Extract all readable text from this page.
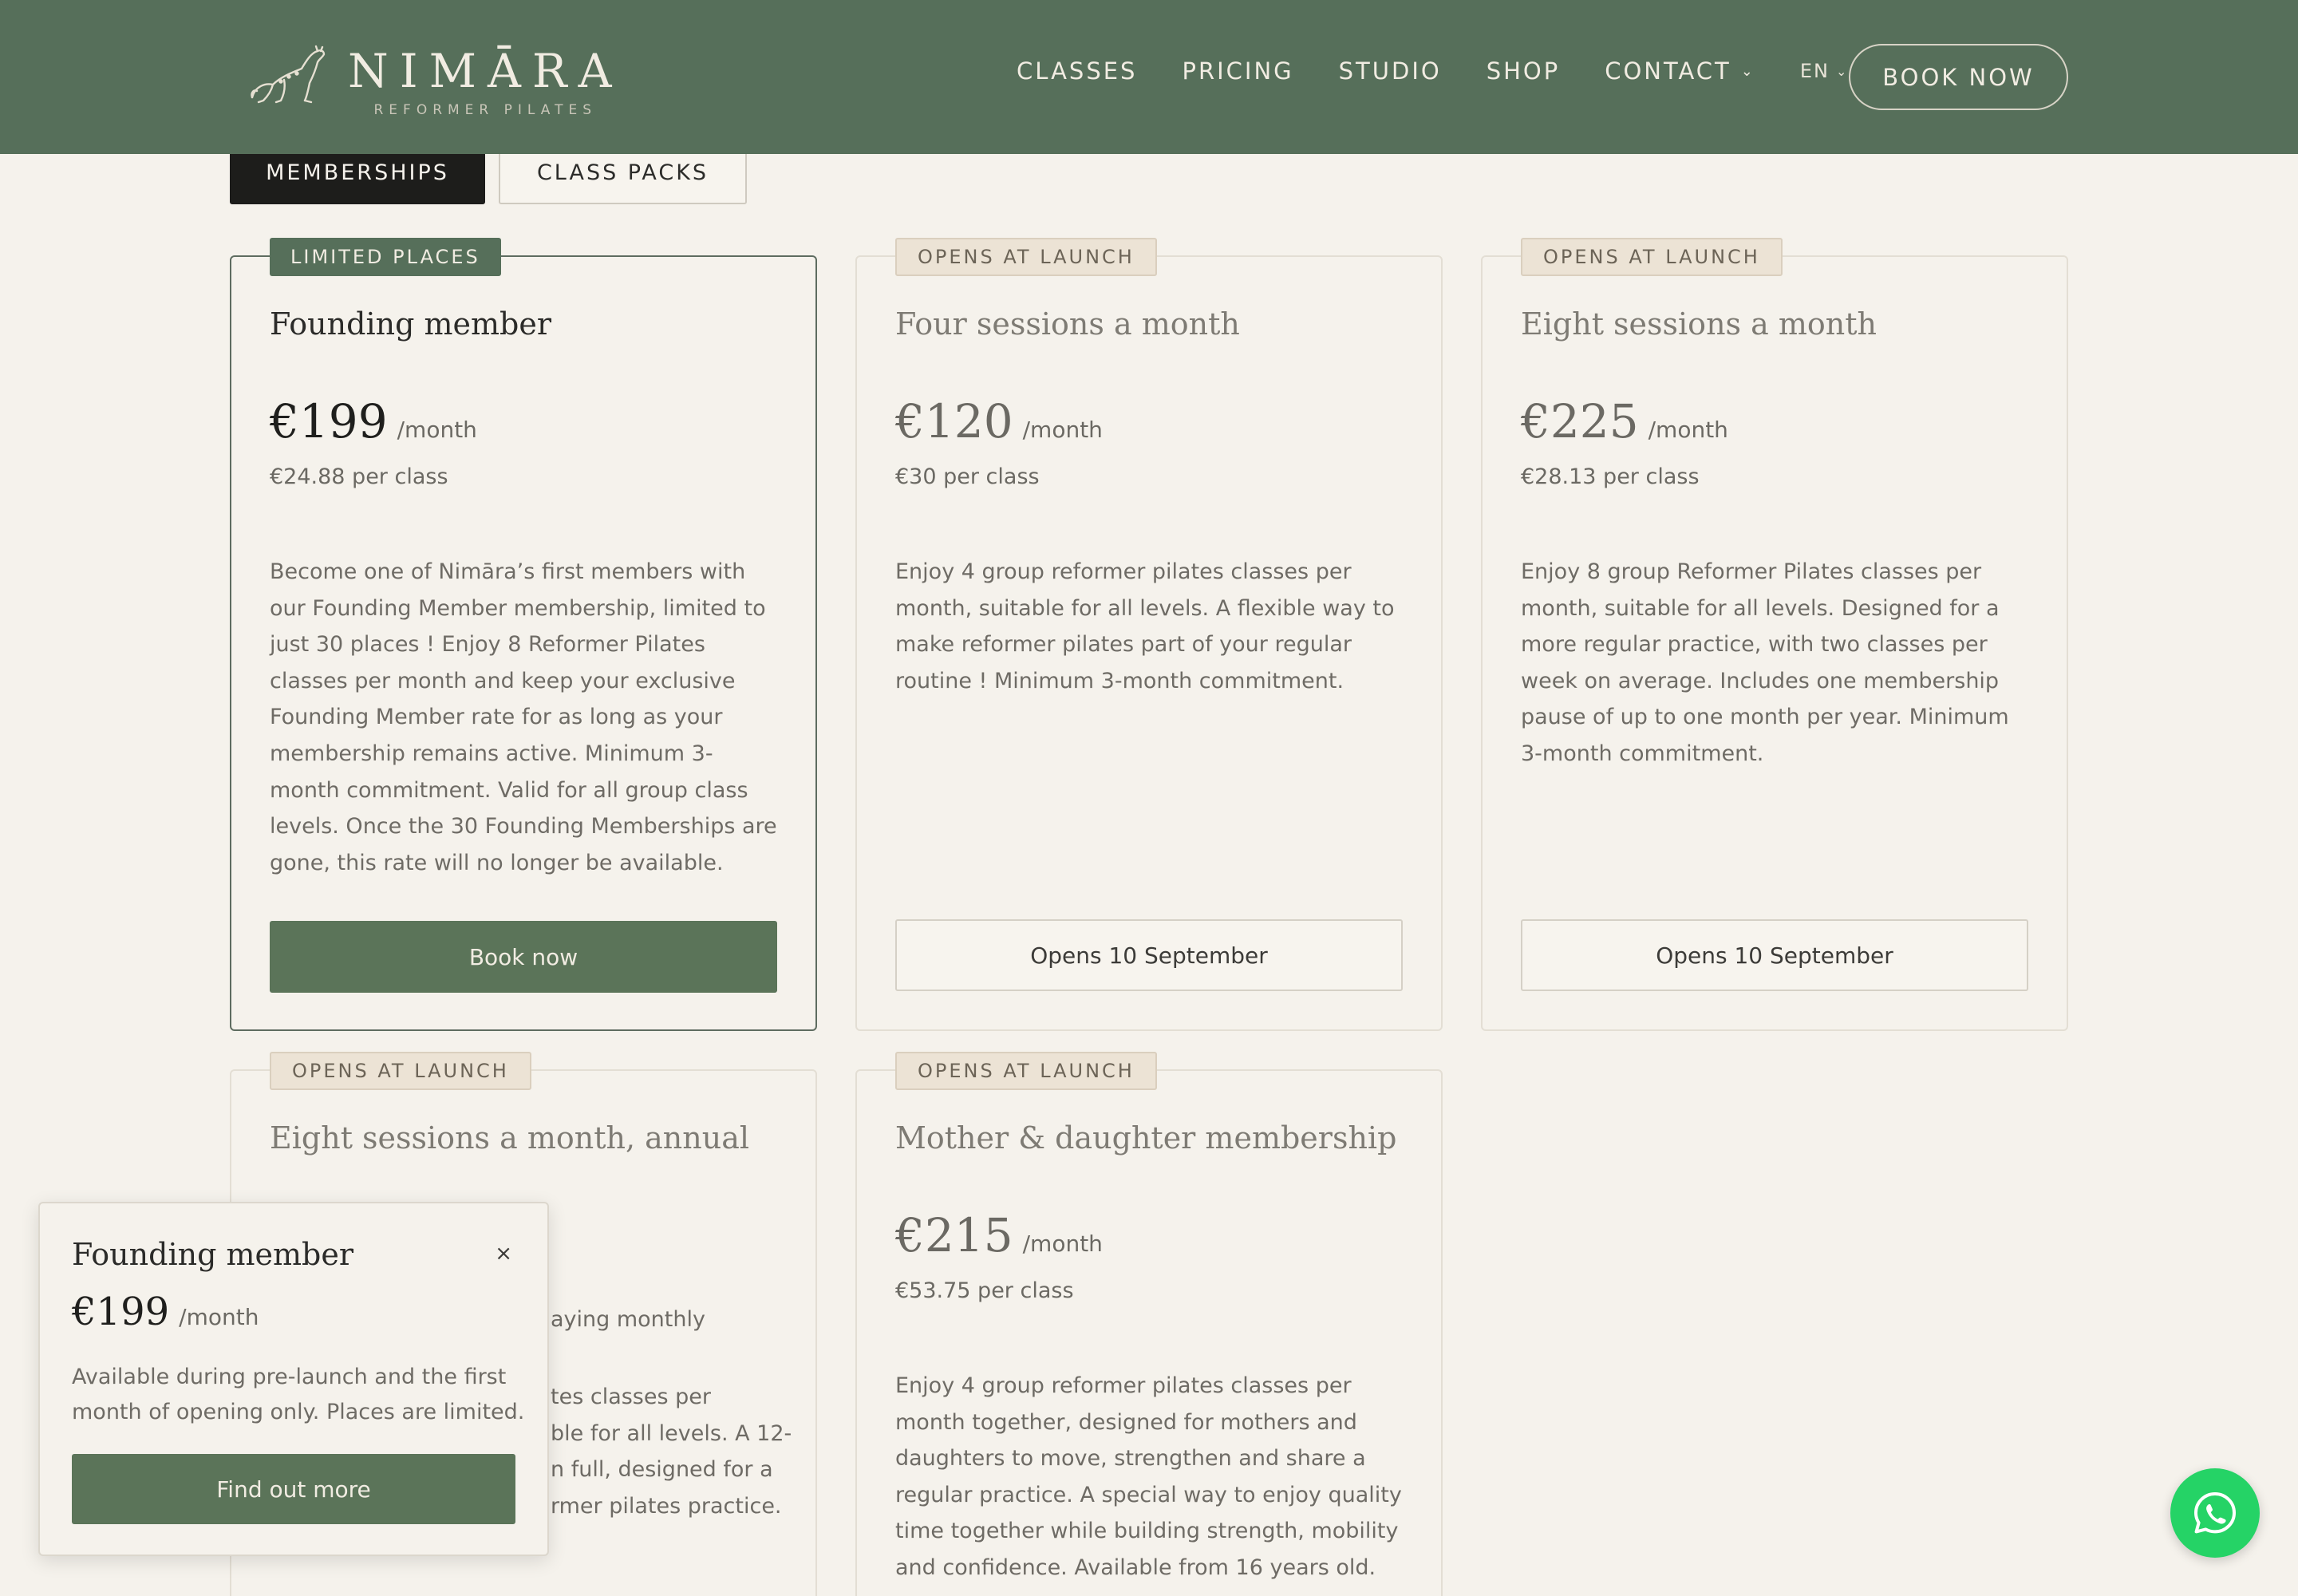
NIMĀRA
REFORMER PILATES
CLASSES PRICING STUDIO SHOP CONTACT ⌄ EN ⌄	BOOK NOW
MEMBERSHIPS	CLASS PACKS
LIMITED PLACES
Founding member
€199 /month
€24.88 per class
Become one of Nimāra’s first members with our Founding Member membership, limited to just 30 places ! Enjoy 8 Reformer Pilates classes per month and keep your exclusive Founding Member rate for as long as your membership remains active. Minimum 3-month commitment. Valid for all group class levels. Once the 30 Founding Memberships are gone, this rate will no longer be available.
Book now
OPENS AT LAUNCH
Four sessions a month
€120 /month
€30 per class
Enjoy 4 group reformer pilates classes per month, suitable for all levels. A flexible way to make reformer pilates part of your regular routine ! Minimum 3-month commitment.
Opens 10 September
OPENS AT LAUNCH
Eight sessions a month
€225 /month
€28.13 per class
Enjoy 8 group Reformer Pilates classes per month, suitable for all levels. Designed for a more regular practice, with two classes per week on average. Includes one membership pause of up to one month per year. Minimum 3-month commitment.
Opens 10 September
OPENS AT LAUNCH
Eight sessions a month, annual
aying monthly
tes classes per
ble for all levels. A 12-
n full, designed for a
rmer pilates practice.
OPENS AT LAUNCH
Mother & daughter membership
€215 /month
€53.75 per class
Enjoy 4 group reformer pilates classes per month together, designed for mothers and daughters to move, strengthen and share a regular practice. A special way to enjoy quality time together while building strength, mobility and confidence. Available from 16 years old.
Founding member	×
€199 /month
Available during pre-launch and the first month of opening only. Places are limited.
Find out more
